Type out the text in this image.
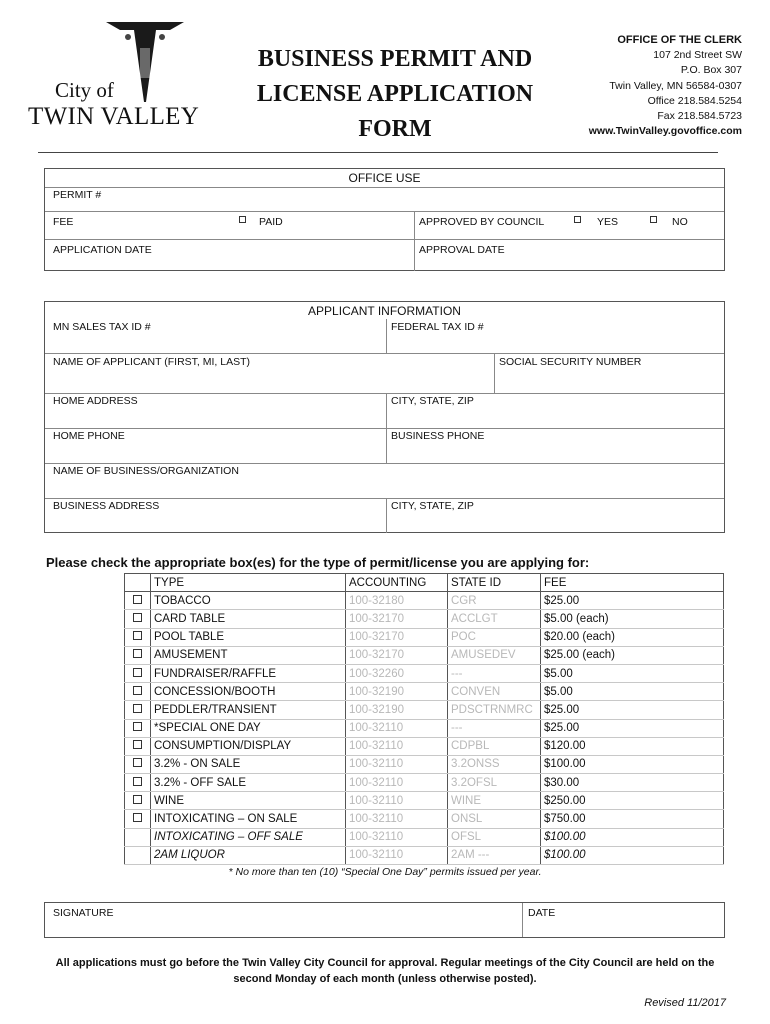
City of
TWIN VALLEY
BUSINESS PERMIT AND
LICENSE APPLICATION
FORM
OFFICE OF THE CLERK
107 2nd Street SW
P.O. Box 307
Twin Valley, MN 56584-0307
Office 218.584.5254
Fax 218.584.5723
www.TwinValley.govoffice.com
OFFICE USE
PERMIT #
FEE	PAID	APPROVED BY COUNCIL	YES	NO
APPLICATION DATE	APPROVAL DATE
APPLICANT INFORMATION
MN SALES TAX ID #	FEDERAL TAX ID #
NAME OF APPLICANT (FIRST, MI, LAST)	SOCIAL SECURITY NUMBER
HOME ADDRESS	CITY, STATE, ZIP
HOME PHONE	BUSINESS PHONE
NAME OF BUSINESS/ORGANIZATION
BUSINESS ADDRESS	CITY, STATE, ZIP
Please check the appropriate box(es) for the type of permit/license you are applying for:
	TYPE	ACCOUNTING	STATE ID	FEE
	TOBACCO	100-32180	CGR	$25.00
	CARD TABLE	100-32170	ACCLGT	$5.00 (each)
	POOL TABLE	100-32170	POC	$20.00 (each)
	AMUSEMENT	100-32170	AMUSEDEV	$25.00 (each)
	FUNDRAISER/RAFFLE	100-32260	---	$5.00
	CONCESSION/BOOTH	100-32190	CONVEN	$5.00
	PEDDLER/TRANSIENT	100-32190	PDSCTRNMRC	$25.00
	*SPECIAL ONE DAY	100-32110	---	$25.00
	CONSUMPTION/DISPLAY	100-32110	CDPBL	$120.00
	3.2% - ON SALE	100-32110	3.2ONSS	$100.00
	3.2% - OFF SALE	100-32110	3.2OFSL	$30.00
	WINE	100-32110	WINE	$250.00
	INTOXICATING – ON SALE	100-32110	ONSL	$750.00
	INTOXICATING – OFF SALE	100-32110	OFSL	$100.00
	2AM LIQUOR	100-32110	2AM ---	$100.00
* No more than ten (10) “Special One Day” permits issued per year.
SIGNATURE	DATE
All applications must go before the Twin Valley City Council for approval. Regular meetings of the City Council are held on the
second Monday of each month (unless otherwise posted).
Revised 11/2017
